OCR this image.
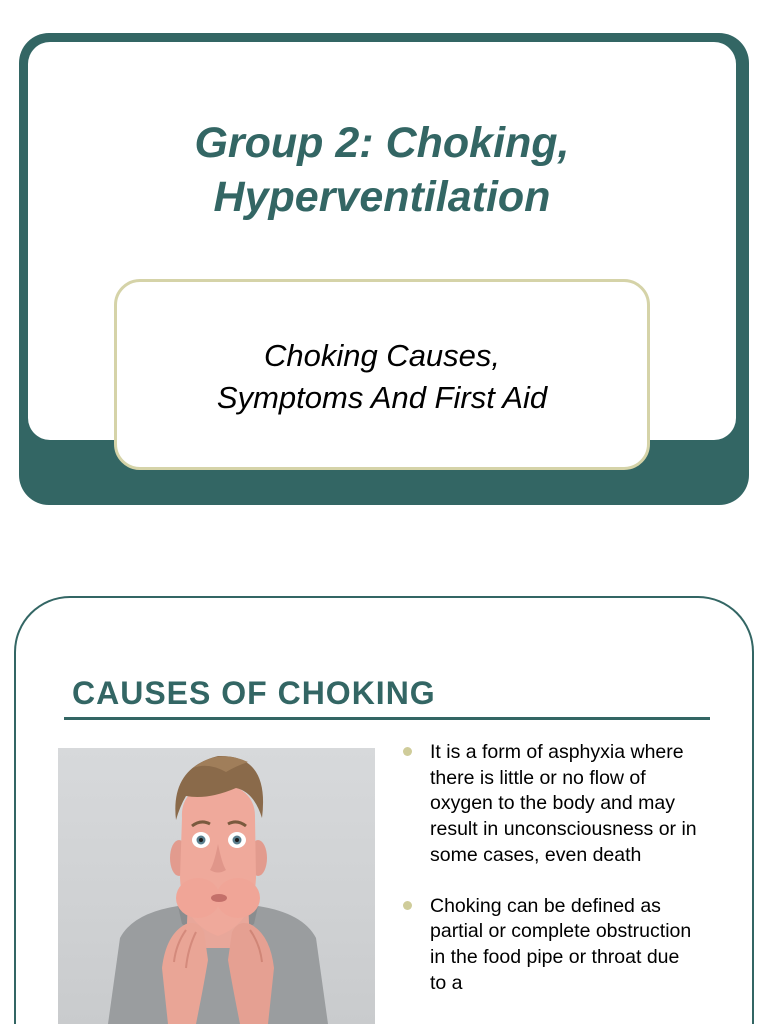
Group 2: Choking,
Hyperventilation

Choking Causes,
Symptoms And First Aid

CAUSES OF CHOKING
It is a form of asphyxia where there is little or no flow of oxygen to the body and may result in unconsciousness or in some cases, even death
Choking can be defined as partial or complete obstruction in the food pipe or throat due to a
